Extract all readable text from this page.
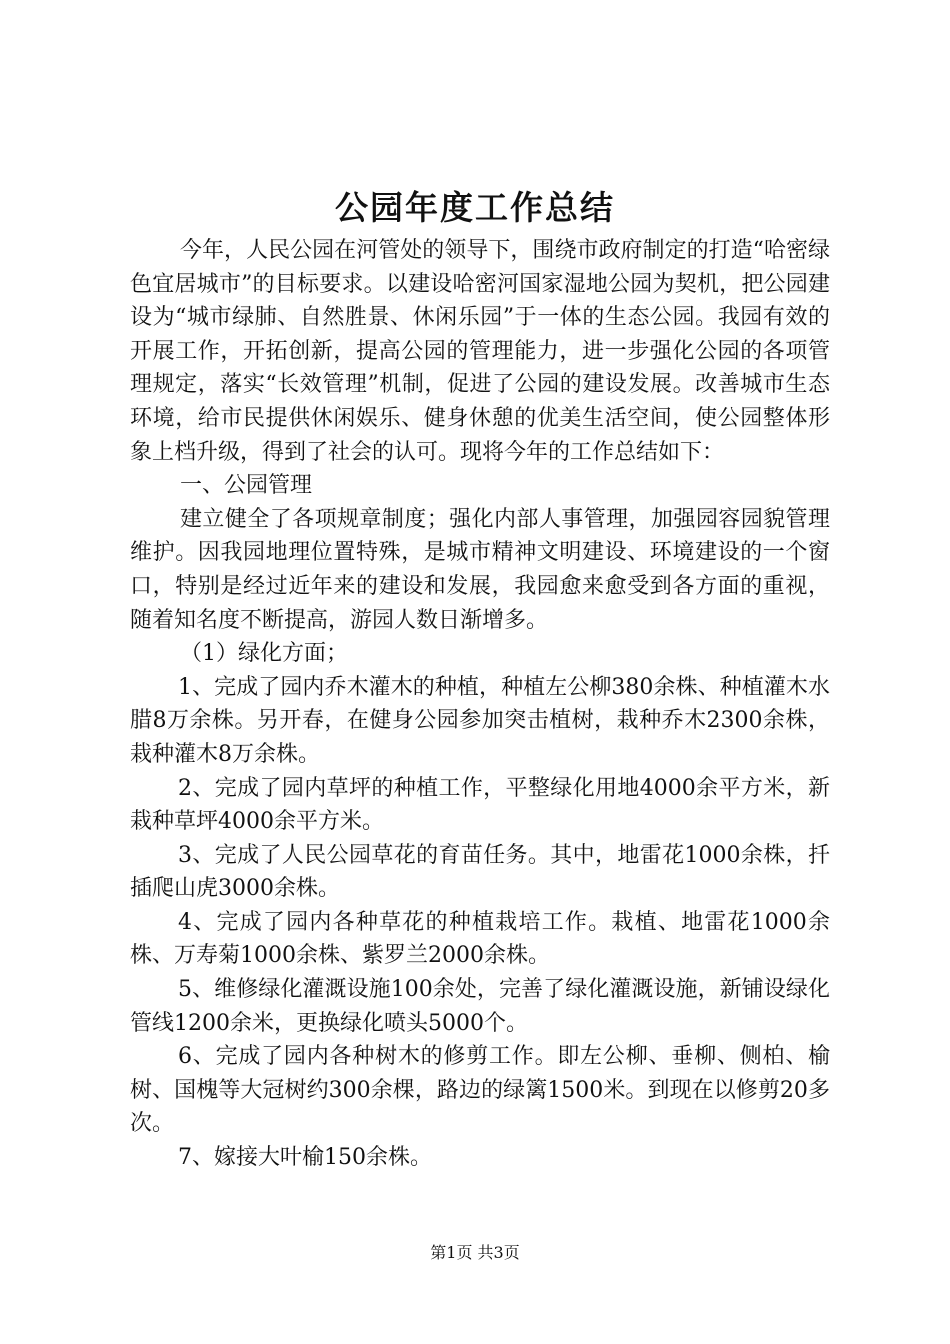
公园年度工作总结

今年，人民公园在河管处的领导下，围绕市政府制定的打造“哈密绿色宜居城市”的目标要求。以建设哈密河国家湿地公园为契机，把公园建设为“城市绿肺、自然胜景、休闲乐园”于一体的生态公园。我园有效的开展工作，开拓创新，提高公园的管理能力，进一步强化公园的各项管理规定，落实“长效管理”机制，促进了公园的建设发展。改善城市生态环境，给市民提供休闲娱乐、健身休憩的优美生活空间，使公园整体形象上档升级，得到了社会的认可。现将今年的工作总结如下：

一、公园管理

建立健全了各项规章制度；强化内部人事管理，加强园容园貌管理维护。因我园地理位置特殊，是城市精神文明建设、环境建设的一个窗口，特别是经过近年来的建设和发展，我园愈来愈受到各方面的重视，随着知名度不断提高，游园人数日渐增多。

（1）绿化方面；

1、完成了园内乔木灌木的种植，种植左公柳380余株、种植灌木水腊8万余株。另开春，在健身公园参加突击植树，栽种乔木2300余株，栽种灌木8万余株。

2、完成了园内草坪的种植工作，平整绿化用地4000余平方米，新栽种草坪4000余平方米。

3、完成了人民公园草花的育苗任务。其中，地雷花1000余株，扦插爬山虎3000余株。

4、完成了园内各种草花的种植栽培工作。栽植、地雷花1000余株、万寿菊1000余株、紫罗兰2000余株。

5、维修绿化灌溉设施100余处，完善了绿化灌溉设施，新铺设绿化管线1200余米，更换绿化喷头5000个。

6、完成了园内各种树木的修剪工作。即左公柳、垂柳、侧柏、榆树、国槐等大冠树约300余棵，路边的绿篱1500米。到现在以修剪20多次。

7、嫁接大叶榆150余株。

第1页 共3页
